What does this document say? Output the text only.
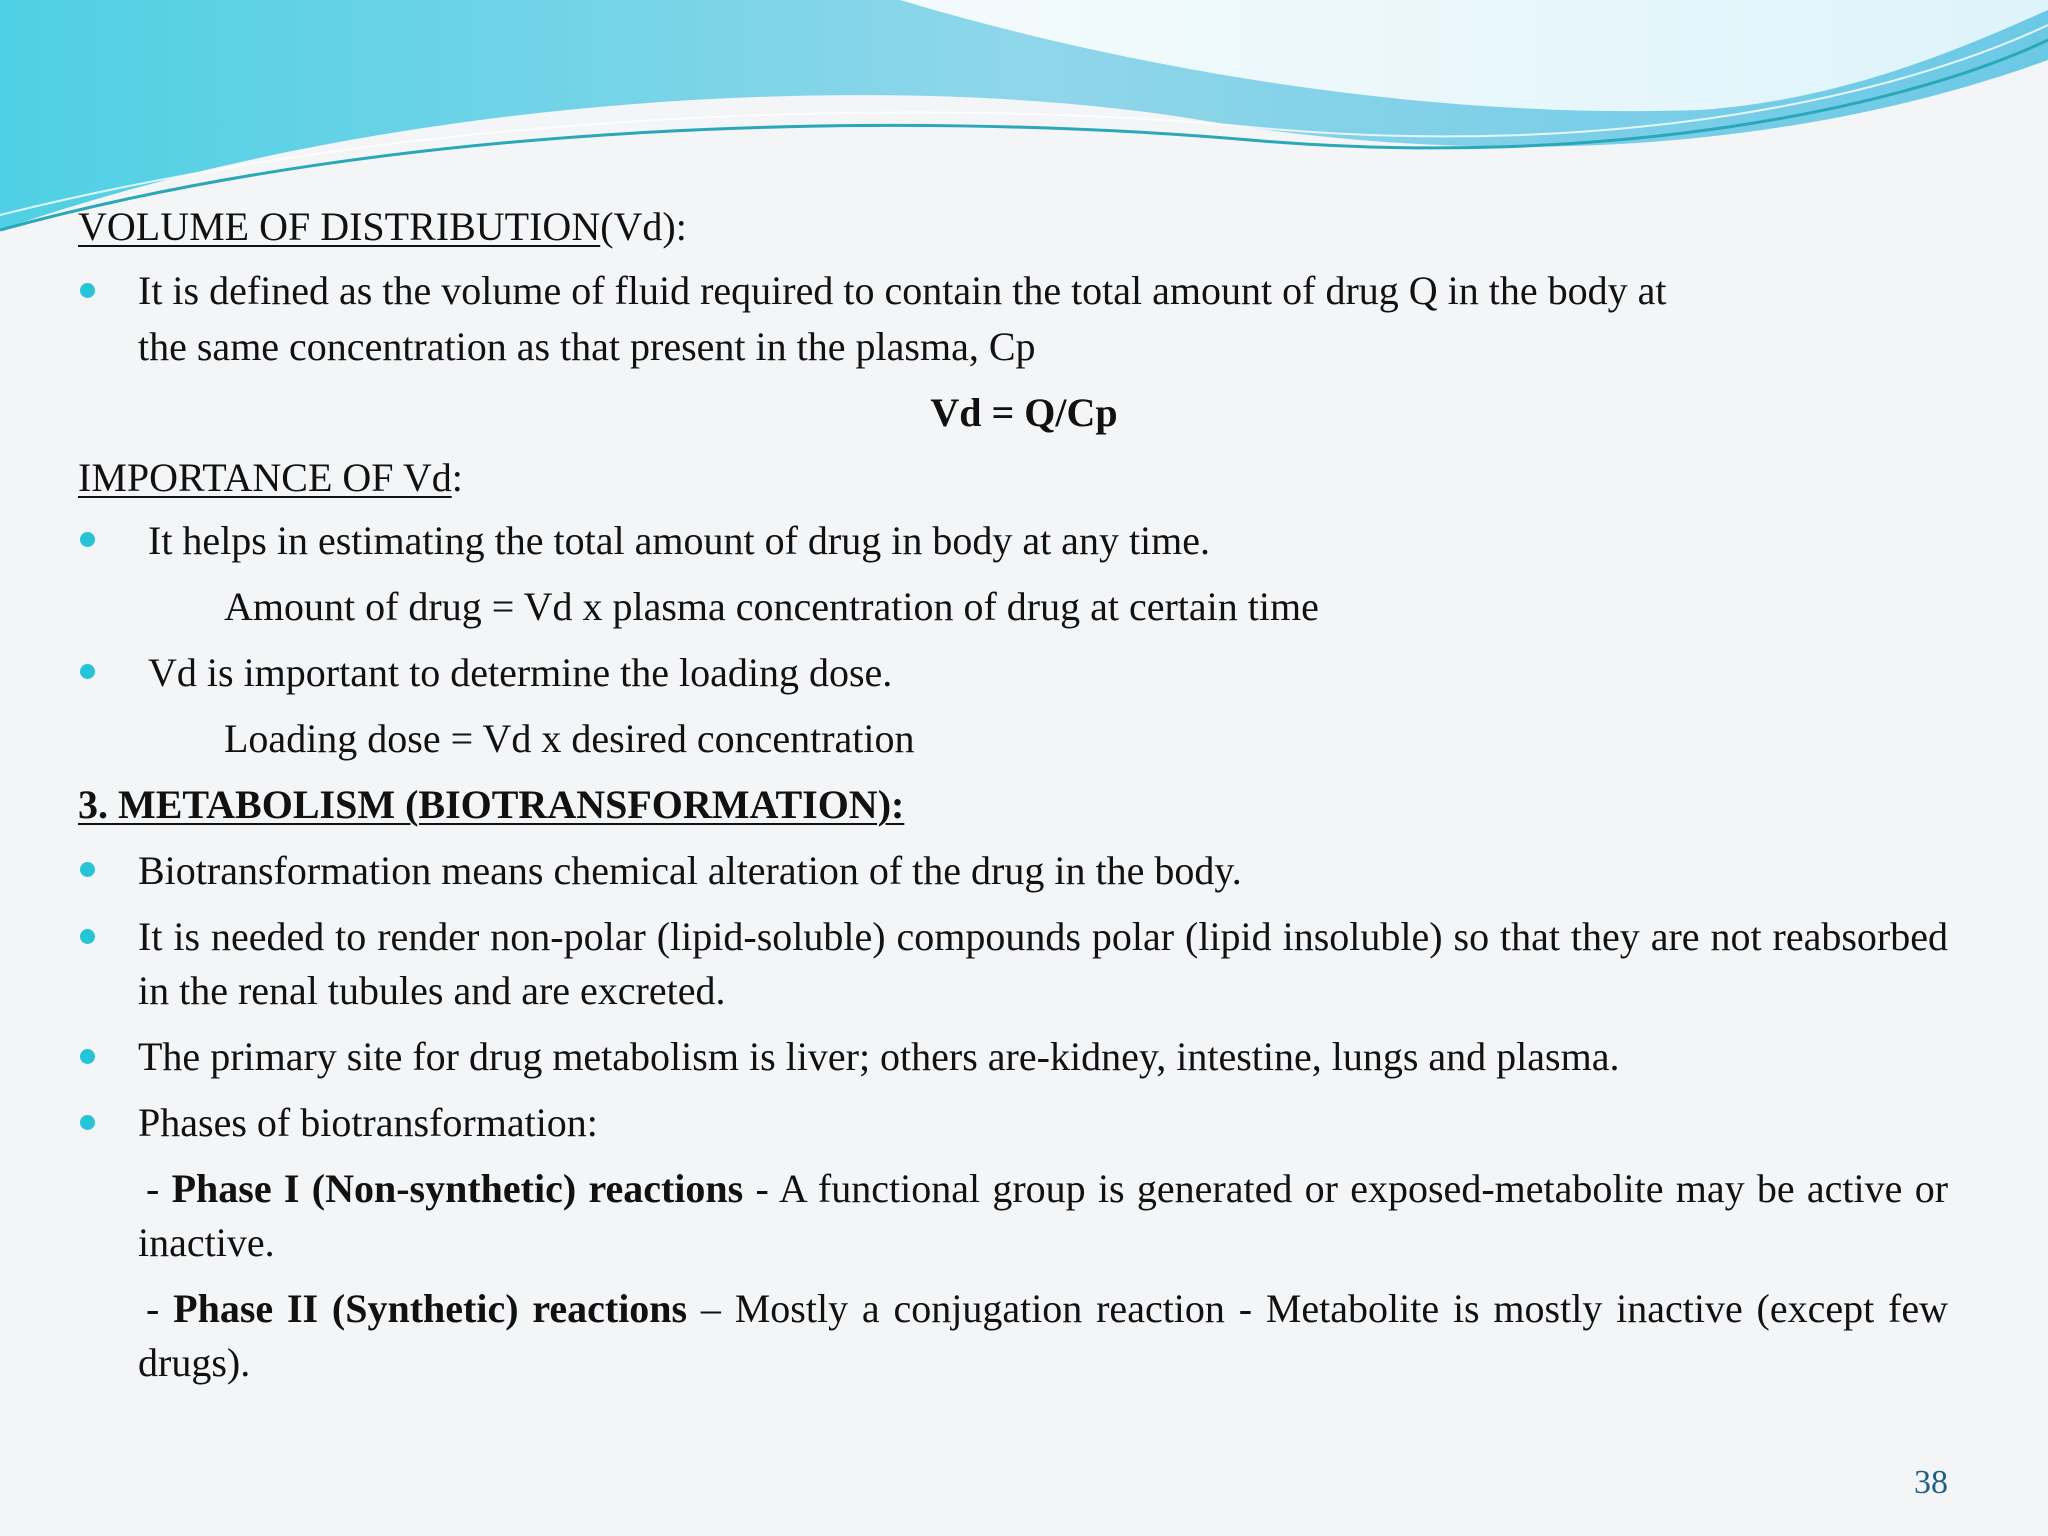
VOLUME OF DISTRIBUTION(Vd):
It is defined as the volume of fluid required to contain the total amount of drug Q in the body at
the same concentration as that present in the plasma, Cp
Vd = Q/Cp
IMPORTANCE OF Vd:
It helps in estimating the total amount of drug in body at any time.
Amount of drug = Vd x plasma concentration of drug at certain time
Vd is important to determine the loading dose.
Loading dose = Vd x desired concentration
3. METABOLISM (BIOTRANSFORMATION):
Biotransformation means chemical alteration of the drug in the body.
It is needed to render non-polar (lipid-soluble) compounds polar (lipid insoluble) so that they are not reabsorbed in the renal tubules and are excreted.
The primary site for drug metabolism is liver; others are-kidney, intestine, lungs and plasma.
Phases of biotransformation:
- Phase I (Non-synthetic) reactions - A functional group is generated or exposed-metabolite may be active or inactive.
- Phase II (Synthetic) reactions – Mostly a conjugation reaction - Metabolite is mostly inactive (except few drugs).
38
